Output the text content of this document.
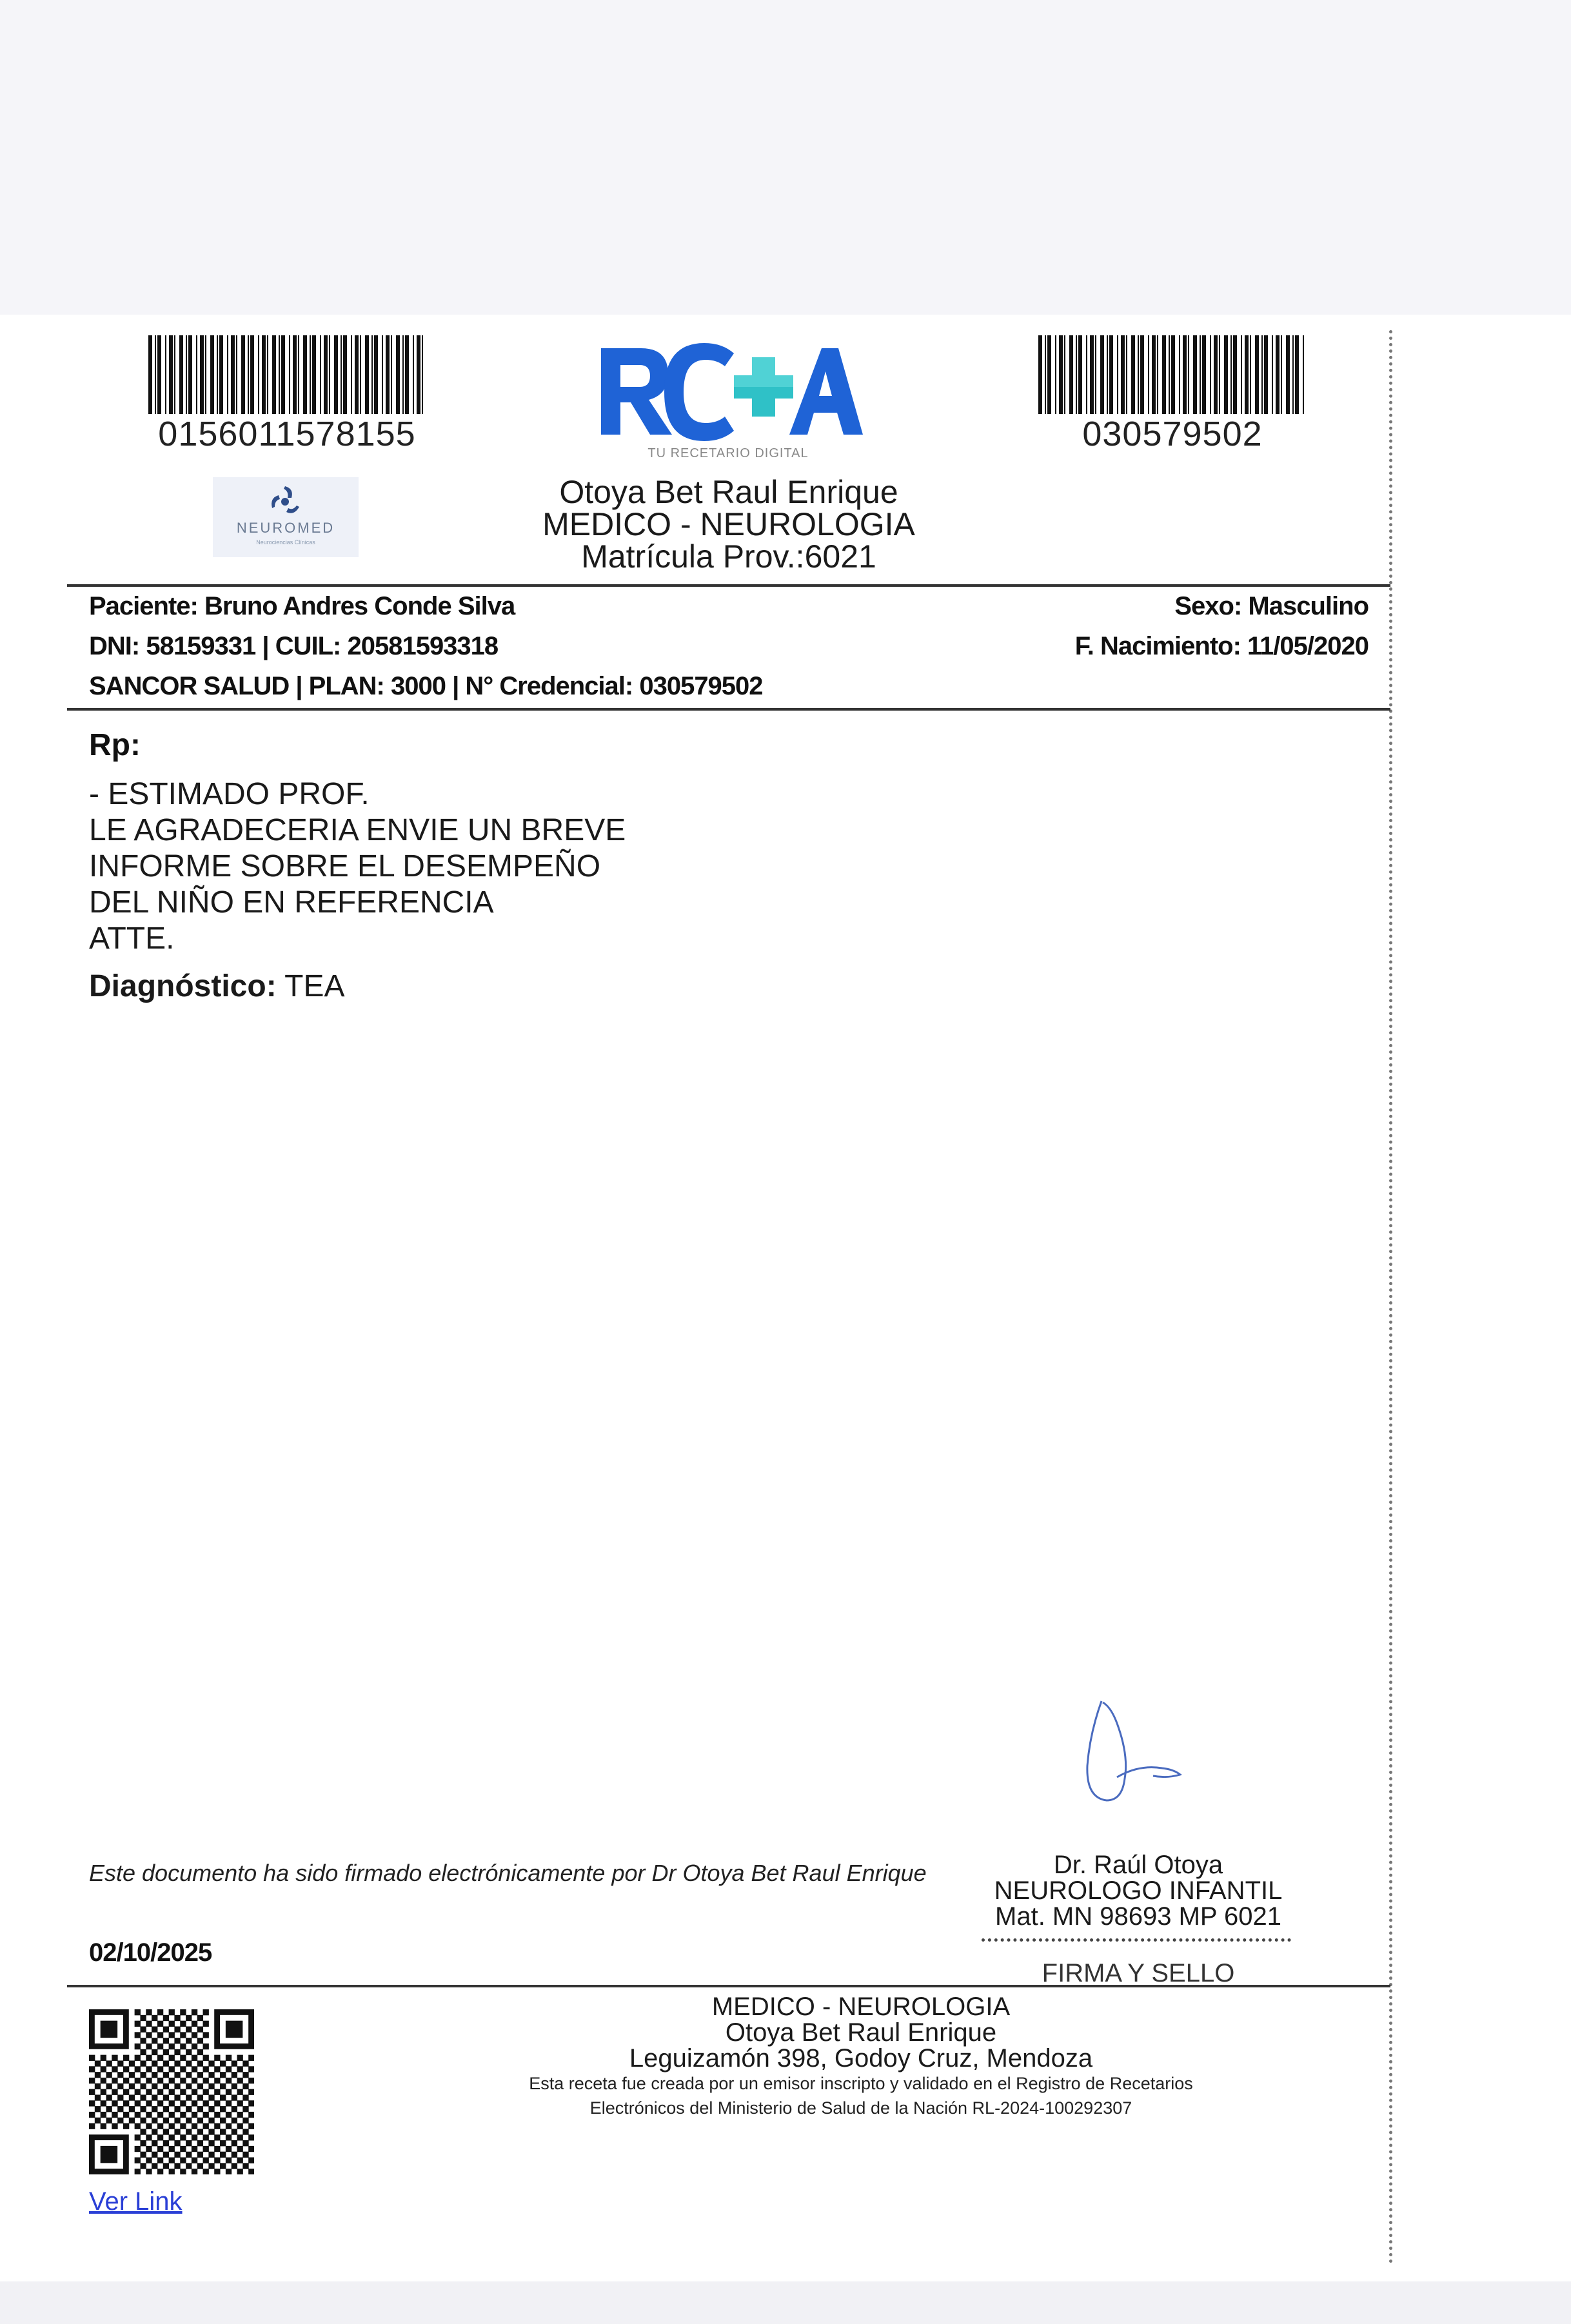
0156011578155	030579502
TU RECETARIO DIGITAL
NEUROMED
Neurociencias Clínicas
Otoya Bet Raul Enrique
MEDICO - NEUROLOGIA
Matrícula Prov.:6021
Paciente: Bruno Andres Conde Silva
DNI: 58159331 | CUIL: 20581593318
SANCOR SALUD | PLAN: 3000 | N° Credencial: 030579502
Sexo: Masculino
F. Nacimiento: 11/05/2020
Rp:
- ESTIMADO PROF.
LE AGRADECERIA ENVIE UN BREVE
INFORME SOBRE EL DESEMPEÑO
DEL NIÑO EN REFERENCIA
ATTE.
Diagnóstico: TEA
Este documento ha sido firmado electrónicamente por Dr Otoya Bet Raul Enrique
02/10/2025
Dr. Raúl Otoya
NEUROLOGO INFANTIL
Mat. MN 98693 MP 6021
FIRMA Y SELLO
MEDICO - NEUROLOGIA
Otoya Bet Raul Enrique
Leguizamón 398, Godoy Cruz, Mendoza
Esta receta fue creada por un emisor inscripto y validado en el Registro de Recetarios
Electrónicos del Ministerio de Salud de la Nación RL-2024-100292307
Ver Link
